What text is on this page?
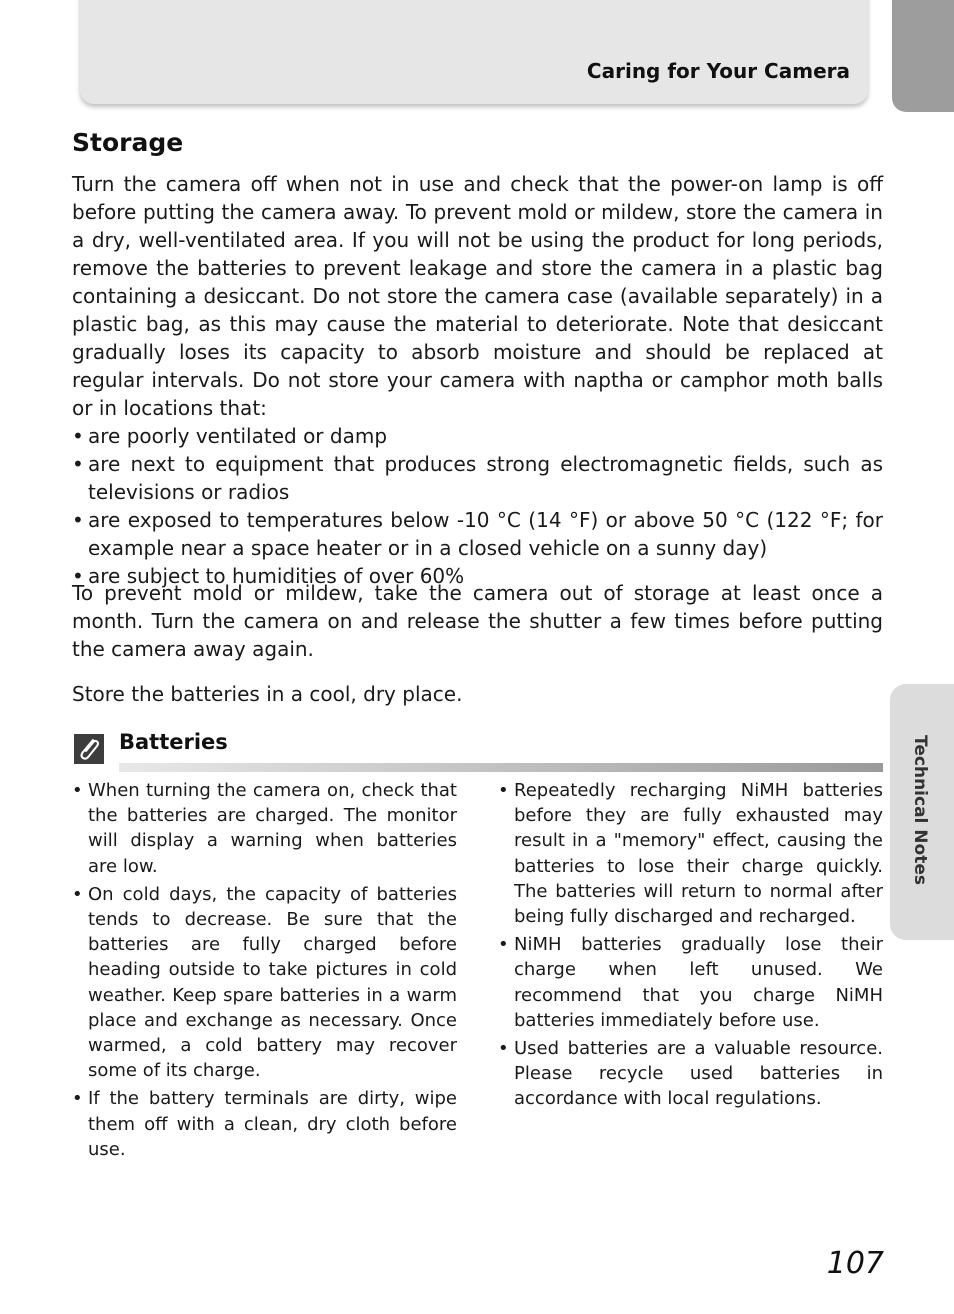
Caring for Your Camera
Technical Notes
Storage

Turn the camera off when not in use and check that the power-on lamp is off before putting the camera away. To prevent mold or mildew, store the camera in a dry, well-ventilated area. If you will not be using the product for long periods, remove the batteries to prevent leakage and store the camera in a plastic bag containing a desiccant. Do not store the camera case (available separately) in a plastic bag, as this may cause the material to deteriorate. Note that desiccant gradually loses its capacity to absorb moisture and should be replaced at regular intervals. Do not store your camera with naptha or camphor moth balls or in locations that:

• are poorly ventilated or damp
• are next to equipment that produces strong electromagnetic fields, such as televisions or radios
• are exposed to temperatures below -10 °C (14 °F) or above 50 °C (122 °F; for example near a space heater or in a closed vehicle on a sunny day)
• are subject to humidities of over 60%
To prevent mold or mildew, take the camera out of storage at least once a month. Turn the camera on and release the shutter a few times before putting the camera away again.
Store the batteries in a cool, dry place.
Batteries
• When turning the camera on, check that the batteries are charged. The monitor will display a warning when batteries are low.
• On cold days, the capacity of batteries tends to decrease. Be sure that the batteries are fully charged before heading outside to take pictures in cold weather. Keep spare batteries in a warm place and exchange as necessary. Once warmed, a cold battery may recover some of its charge.
• If the battery terminals are dirty, wipe them off with a clean, dry cloth before use.
• Repeatedly recharging NiMH batteries before they are fully exhausted may result in a "memory" effect, causing the batteries to lose their charge quickly. The batteries will return to normal after being fully discharged and recharged.
• NiMH batteries gradually lose their charge when left unused. We recommend that you charge NiMH batteries immediately before use.
• Used batteries are a valuable resource. Please recycle used batteries in accordance with local regulations.
107
